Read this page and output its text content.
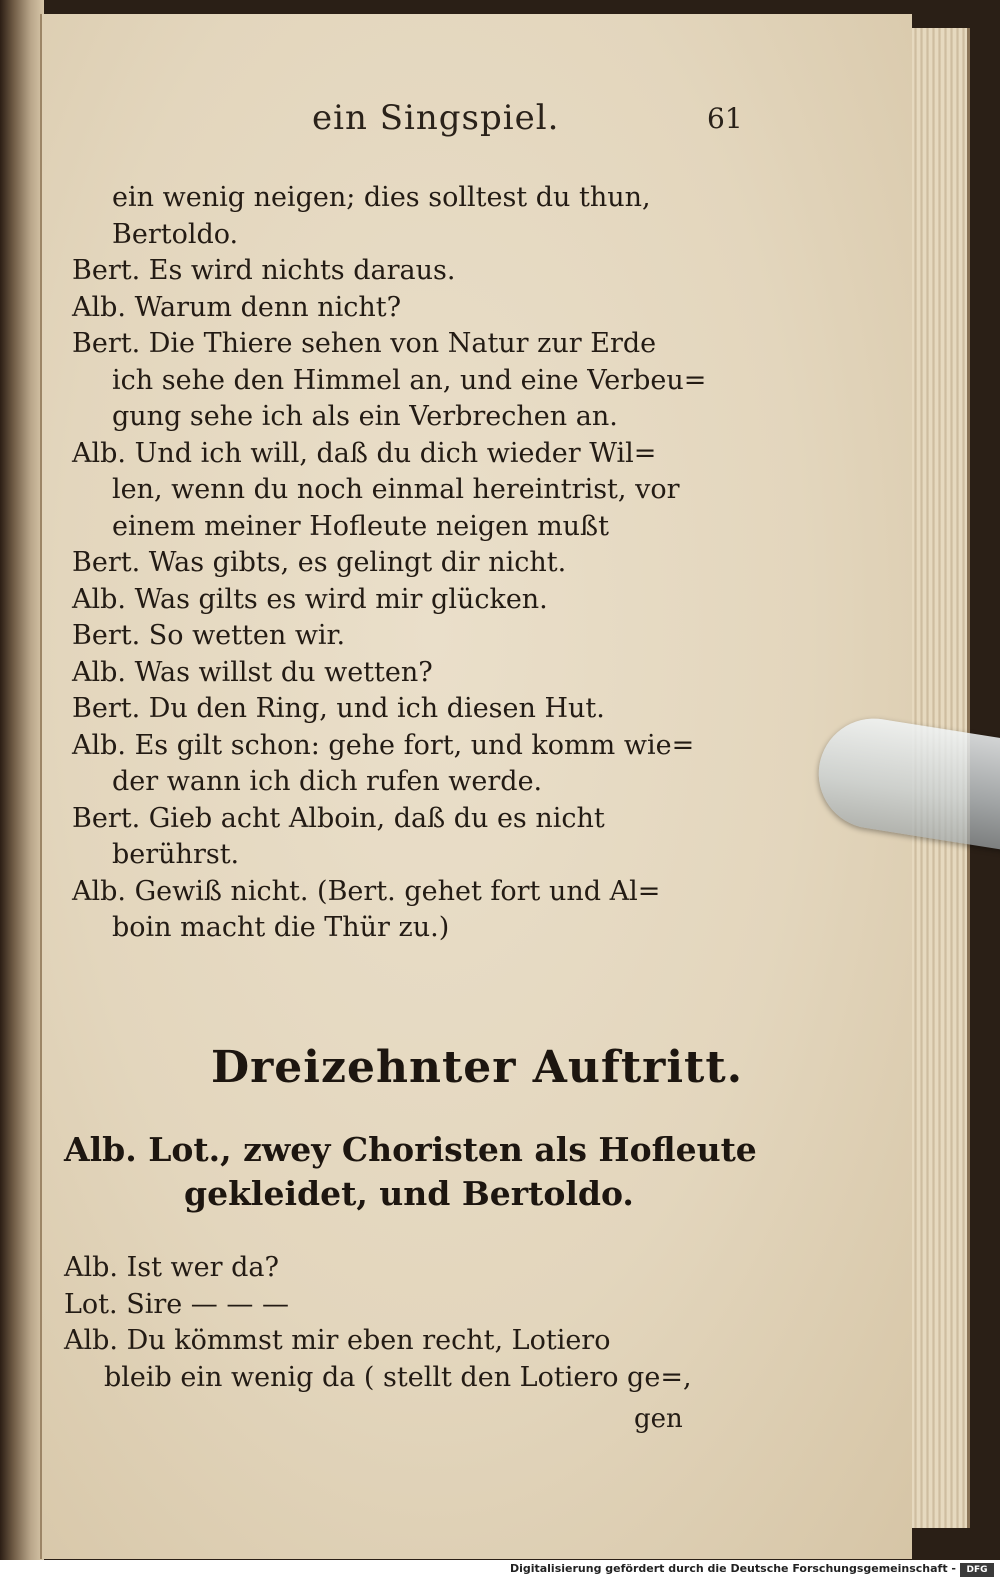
ein Singspiel.	61
ein wenig neigen; dies solltest du thun,
Bertoldo.
Bert. Es wird nichts daraus.
Alb. Warum denn nicht?
Bert. Die Thiere sehen von Natur zur Erde
ich sehe den Himmel an, und eine Verbeu=
gung sehe ich als ein Verbrechen an.
Alb. Und ich will, daß du dich wieder Wil=
len, wenn du noch einmal hereintrist, vor
einem meiner Hofleute neigen mußt
Bert. Was gibts, es gelingt dir nicht.
Alb. Was gilts es wird mir glücken.
Bert. So wetten wir.
Alb. Was willst du wetten?
Bert. Du den Ring, und ich diesen Hut.
Alb. Es gilt schon: gehe fort, und komm wie=
der wann ich dich rufen werde.
Bert. Gieb acht Alboin, daß du es nicht
berührst.
Alb. Gewiß nicht. (Bert. gehet fort und Al=
boin macht die Thür zu.)
Dreizehnter Auftritt.
Alb. Lot., zwey Choristen als Hofleute
gekleidet, und Bertoldo.
Alb. Ist wer da?
Lot. Sire — — —
Alb. Du kömmst mir eben recht, Lotiero
bleib ein wenig da ( stellt den Lotiero ge=,
gen
Digitalisierung gefördert durch die Deutsche Forschungsgemeinschaft -	DFG
